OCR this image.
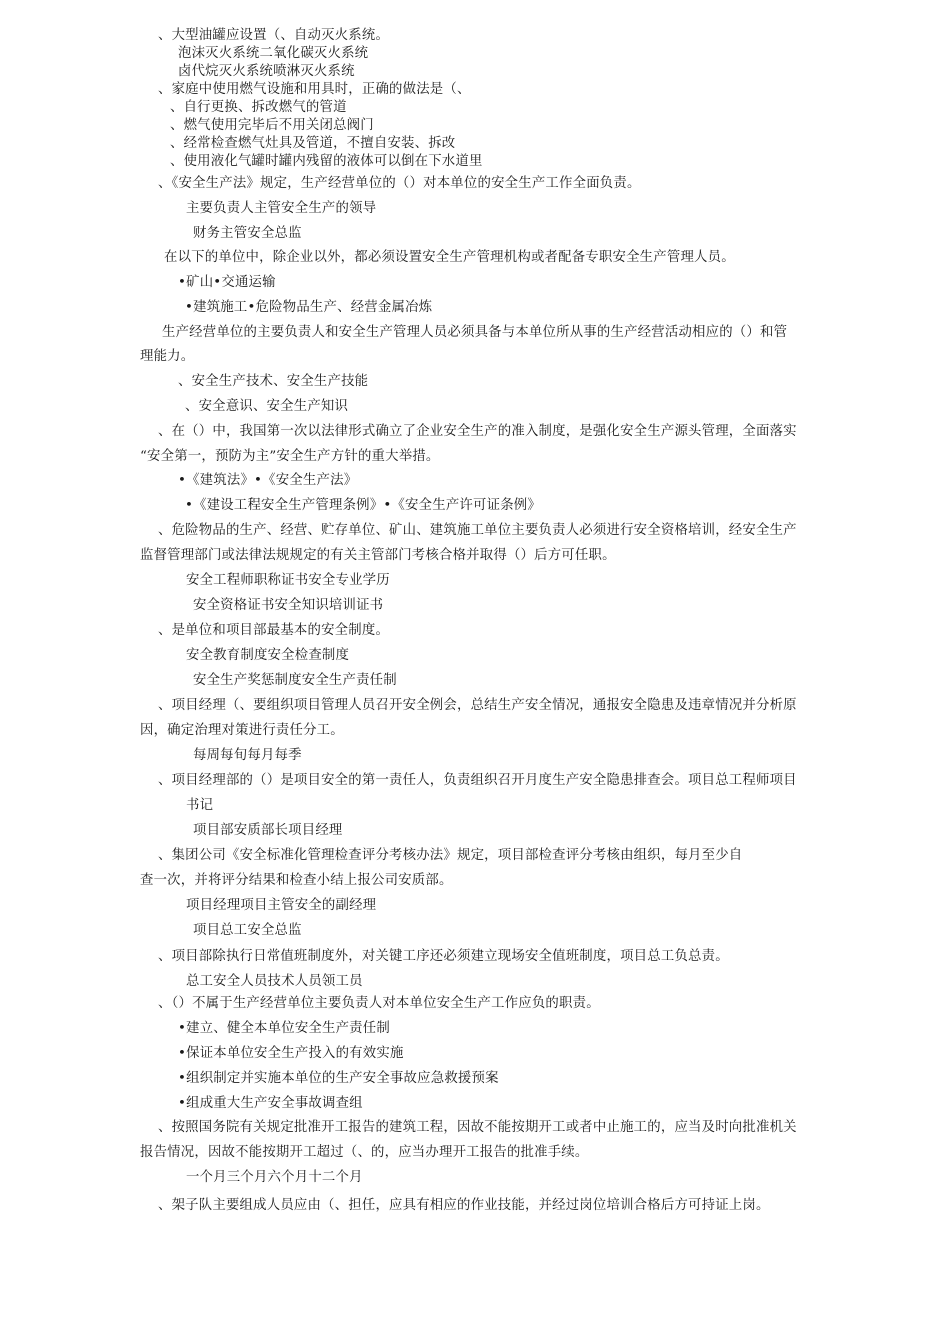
、大型油罐应设置（、自动灭火系统。
泡沫灭火系统二氧化碳灭火系统
卤代烷灭火系统喷淋灭火系统
、家庭中使用燃气设施和用具时，正确的做法是（、
、自行更换、拆改燃气的管道
、燃气使用完毕后不用关闭总阀门
、经常检查燃气灶具及管道，不擅自安装、拆改
、使用液化气罐时罐内残留的液体可以倒在下水道里
、《安全生产法》规定，生产经营单位的（）对本单位的安全生产工作全面负责。
主要负责人主管安全生产的领导
财务主管安全总监
在以下的单位中，除企业以外，都必须设置安全生产管理机构或者配备专职安全生产管理人员。
•矿山•交通运输
•建筑施工•危险物品生产、经营金属冶炼
生产经营单位的主要负责人和安全生产管理人员必须具备与本单位所从事的生产经营活动相应的（）和管
理能力。
、安全生产技术、安全生产技能
、安全意识、安全生产知识
、在（）中，我国第一次以法律形式确立了企业安全生产的准入制度，是强化安全生产源头管理，全面落实
“安全第一，预防为主”安全生产方针的重大举措。
•《建筑法》•《安全生产法》
•《建设工程安全生产管理条例》•《安全生产许可证条例》
、危险物品的生产、经营、贮存单位、矿山、建筑施工单位主要负责人必须进行安全资格培训，经安全生产
监督管理部门或法律法规规定的有关主管部门考核合格并取得（）后方可任职。
安全工程师职称证书安全专业学历
安全资格证书安全知识培训证书
、是单位和项目部最基本的安全制度。
安全教育制度安全检查制度
安全生产奖惩制度安全生产责任制
、项目经理（、要组织项目管理人员召开安全例会，总结生产安全情况，通报安全隐患及违章情况并分析原
因，确定治理对策进行责任分工。
每周每旬每月每季
、项目经理部的（）是项目安全的第一责任人，负责组织召开月度生产安全隐患排查会。项目总工程师项目
书记
项目部安质部长项目经理
、集团公司《安全标准化管理检查评分考核办法》规定，项目部检查评分考核由组织，每月至少自
查一次，并将评分结果和检查小结上报公司安质部。
项目经理项目主管安全的副经理
项目总工安全总监
、项目部除执行日常值班制度外，对关键工序还必须建立现场安全值班制度，项目总工负总责。
总工安全人员技术人员领工员
、（）不属于生产经营单位主要负责人对本单位安全生产工作应负的职责。
•建立、健全本单位安全生产责任制
•保证本单位安全生产投入的有效实施
•组织制定并实施本单位的生产安全事故应急救援预案
•组成重大生产安全事故调查组
、按照国务院有关规定批准开工报告的建筑工程，因故不能按期开工或者中止施工的，应当及时向批准机关
报告情况，因故不能按期开工超过（、的，应当办理开工报告的批准手续。
一个月三个月六个月十二个月
、架子队主要组成人员应由（、担任，应具有相应的作业技能，并经过岗位培训合格后方可持证上岗。
